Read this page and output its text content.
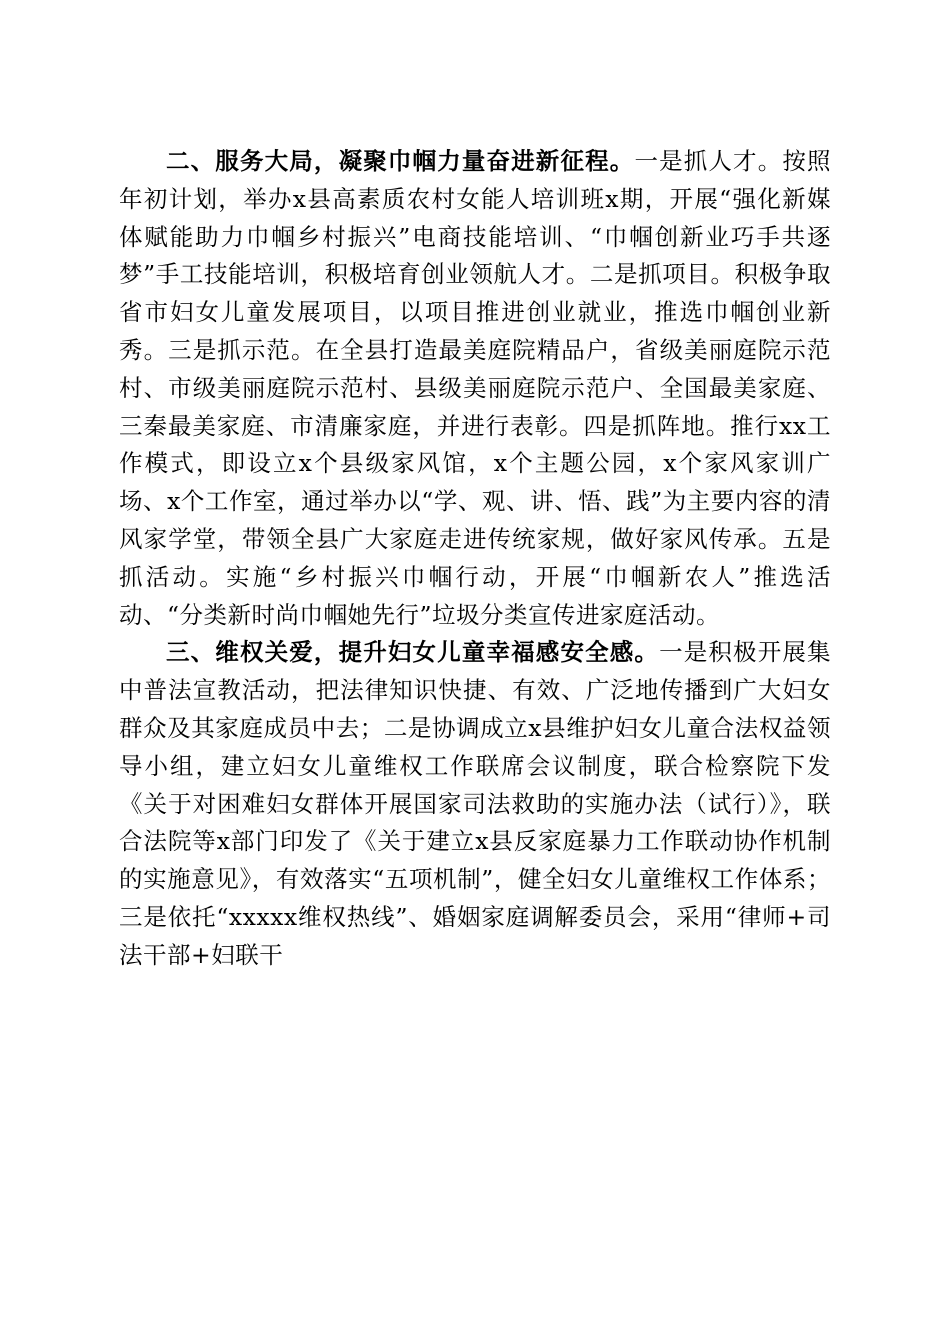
二、服务大局，凝聚巾帼力量奋进新征程。一是抓人才。按照年初计划，举办x县高素质农村女能人培训班x期，开展“强化新媒体赋能助力巾帼乡村振兴”电商技能培训、“巾帼创新业巧手共逐梦”手工技能培训，积极培育创业领航人才。二是抓项目。积极争取省市妇女儿童发展项目，以项目推进创业就业，推选巾帼创业新秀。三是抓示范。在全县打造最美庭院精品户，省级美丽庭院示范村、市级美丽庭院示范村、县级美丽庭院示范户、全国最美家庭、三秦最美家庭、市清廉家庭，并进行表彰。四是抓阵地。推行xx工作模式，即设立x个县级家风馆，x个主题公园，x个家风家训广场、x个工作室，通过举办以“学、观、讲、悟、践”为主要内容的清风家学堂，带领全县广大家庭走进传统家规，做好家风传承。五是抓活动。实施“乡村振兴巾帼行动，开展“巾帼新农人”推选活动、“分类新时尚巾帼她先行”垃圾分类宣传进家庭活动。

三、维权关爱，提升妇女儿童幸福感安全感。一是积极开展集中普法宣教活动，把法律知识快捷、有效、广泛地传播到广大妇女群众及其家庭成员中去；二是协调成立x县维护妇女儿童合法权益领导小组，建立妇女儿童维权工作联席会议制度，联合检察院下发《关于对困难妇女群体开展国家司法救助的实施办法（试行）》，联合法院等x部门印发了《关于建立x县反家庭暴力工作联动协作机制的实施意见》，有效落实“五项机制”，健全妇女儿童维权工作体系；三是依托“xxxxx维权热线”、婚姻家庭调解委员会，采用“律师+司法干部+妇联干
